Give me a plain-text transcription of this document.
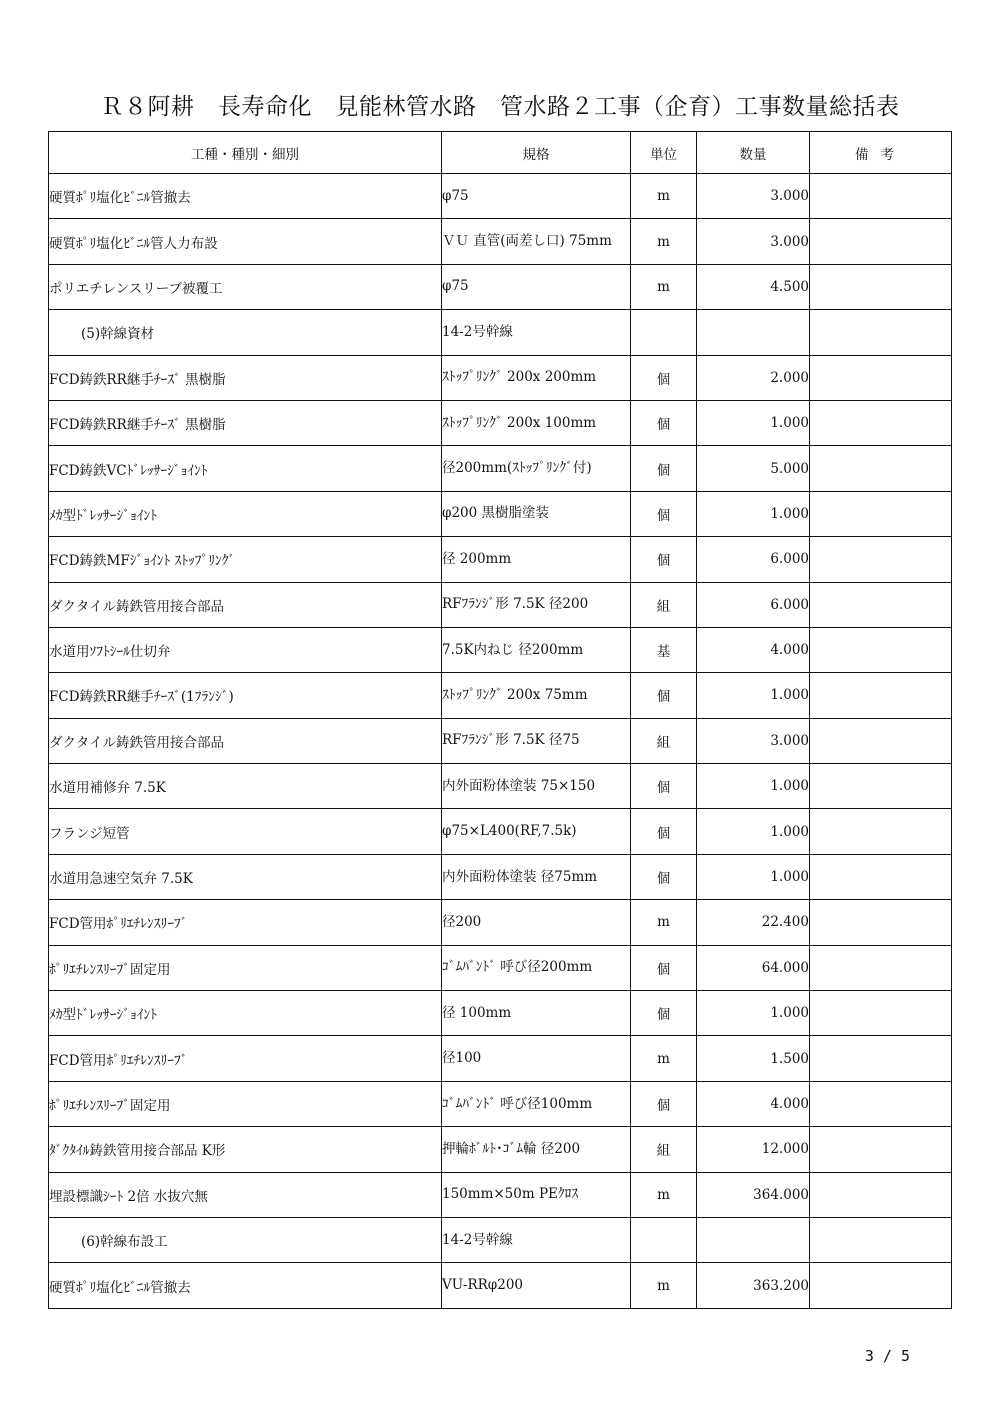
Ｒ８阿耕　長寿命化　見能林管水路　管水路２工事（企育）工事数量総括表
工種・種別・細別	規格	単位	数量	備考
硬質ﾎﾟﾘ塩化ﾋﾞﾆﾙ管撤去	φ75	m	3.000	
硬質ﾎﾟﾘ塩化ﾋﾞﾆﾙ管人力布設	ＶＵ 直管(両差し口) 75mm	m	3.000	
ポリエチレンスリーブ被覆工	φ75	m	4.500	
(5)幹線資材	14-2号幹線			
FCD鋳鉄RR継手ﾁｰｽﾞ 黒樹脂	ｽﾄｯﾌﾟﾘﾝｸﾞ 200x 200mm	個	2.000	
FCD鋳鉄RR継手ﾁｰｽﾞ 黒樹脂	ｽﾄｯﾌﾟﾘﾝｸﾞ 200x 100mm	個	1.000	
FCD鋳鉄VCﾄﾞﾚｯｻｰｼﾞｮｲﾝﾄ	径200mm(ｽﾄｯﾌﾟﾘﾝｸﾞ付)	個	5.000	
ﾒｶ型ﾄﾞﾚｯｻｰｼﾞｮｲﾝﾄ	φ200 黒樹脂塗装	個	1.000	
FCD鋳鉄MFｼﾞｮｲﾝﾄ ｽﾄｯﾌﾟﾘﾝｸﾞ	径 200mm	個	6.000	
ダクタイル鋳鉄管用接合部品	RFﾌﾗﾝｼﾞ形 7.5K 径200	組	6.000	
水道用ｿﾌﾄｼｰﾙ仕切弁	7.5K内ねじ 径200mm	基	4.000	
FCD鋳鉄RR継手ﾁｰｽﾞ(1ﾌﾗﾝｼﾞ)	ｽﾄｯﾌﾟﾘﾝｸﾞ 200x 75mm	個	1.000	
ダクタイル鋳鉄管用接合部品	RFﾌﾗﾝｼﾞ形 7.5K 径75	組	3.000	
水道用補修弁 7.5K	内外面粉体塗装 75×150	個	1.000	
フランジ短管	φ75×L400(RF,7.5k)	個	1.000	
水道用急速空気弁 7.5K	内外面粉体塗装 径75mm	個	1.000	
FCD管用ﾎﾟﾘｴﾁﾚﾝｽﾘｰﾌﾞ	径200	m	22.400	
ﾎﾟﾘｴﾁﾚﾝｽﾘｰﾌﾞ固定用	ｺﾞﾑﾊﾞﾝﾄﾞ 呼び径200mm	個	64.000	
ﾒｶ型ﾄﾞﾚｯｻｰｼﾞｮｲﾝﾄ	径 100mm	個	1.000	
FCD管用ﾎﾟﾘｴﾁﾚﾝｽﾘｰﾌﾞ	径100	m	1.500	
ﾎﾟﾘｴﾁﾚﾝｽﾘｰﾌﾞ固定用	ｺﾞﾑﾊﾞﾝﾄﾞ 呼び径100mm	個	4.000	
ﾀﾞｸﾀｲﾙ鋳鉄管用接合部品 K形	押輪ﾎﾞﾙﾄ･ｺﾞﾑ輪 径200	組	12.000	
埋設標識ｼｰﾄ 2倍 水抜穴無	150mm×50m PEｸﾛｽ	m	364.000	
(6)幹線布設工	14-2号幹線			
硬質ﾎﾟﾘ塩化ﾋﾞﾆﾙ管撤去	VU-RRφ200	m	363.200	
3 / 5
